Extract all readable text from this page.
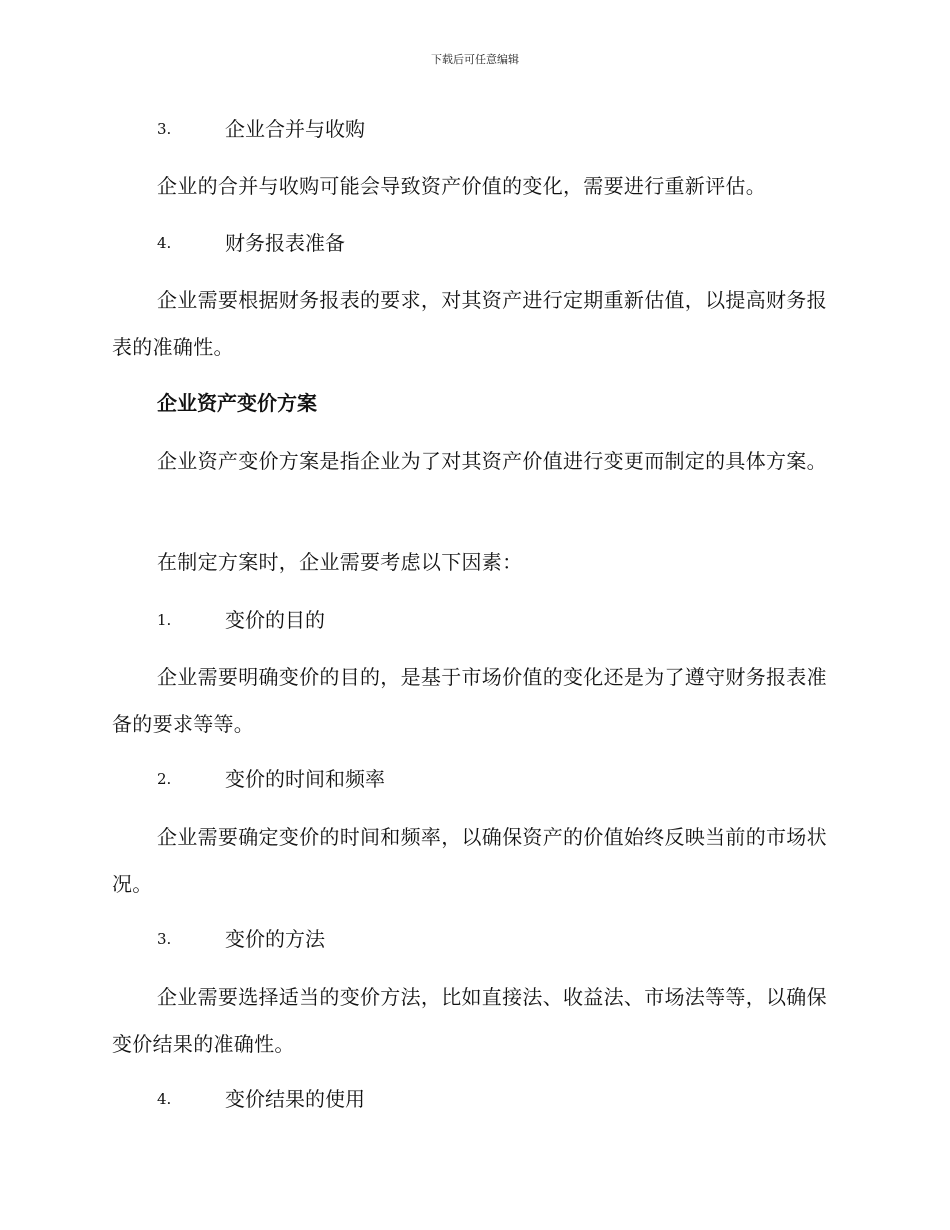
下载后可任意编辑
3.	企业合并与收购
企业的合并与收购可能会导致资产价值的变化，需要进行重新评估。
4.	财务报表准备
企业需要根据财务报表的要求，对其资产进行定期重新估值，以提高财务报表的准确性。
企业资产变价方案
企业资产变价方案是指企业为了对其资产价值进行变更而制定的具体方案。
在制定方案时，企业需要考虑以下因素：
1.	变价的目的
企业需要明确变价的目的，是基于市场价值的变化还是为了遵守财务报表准备的要求等等。
2.	变价的时间和频率
企业需要确定变价的时间和频率，以确保资产的价值始终反映当前的市场状况。
3.	变价的方法
企业需要选择适当的变价方法，比如直接法、收益法、市场法等等，以确保变价结果的准确性。
4.	变价结果的使用
